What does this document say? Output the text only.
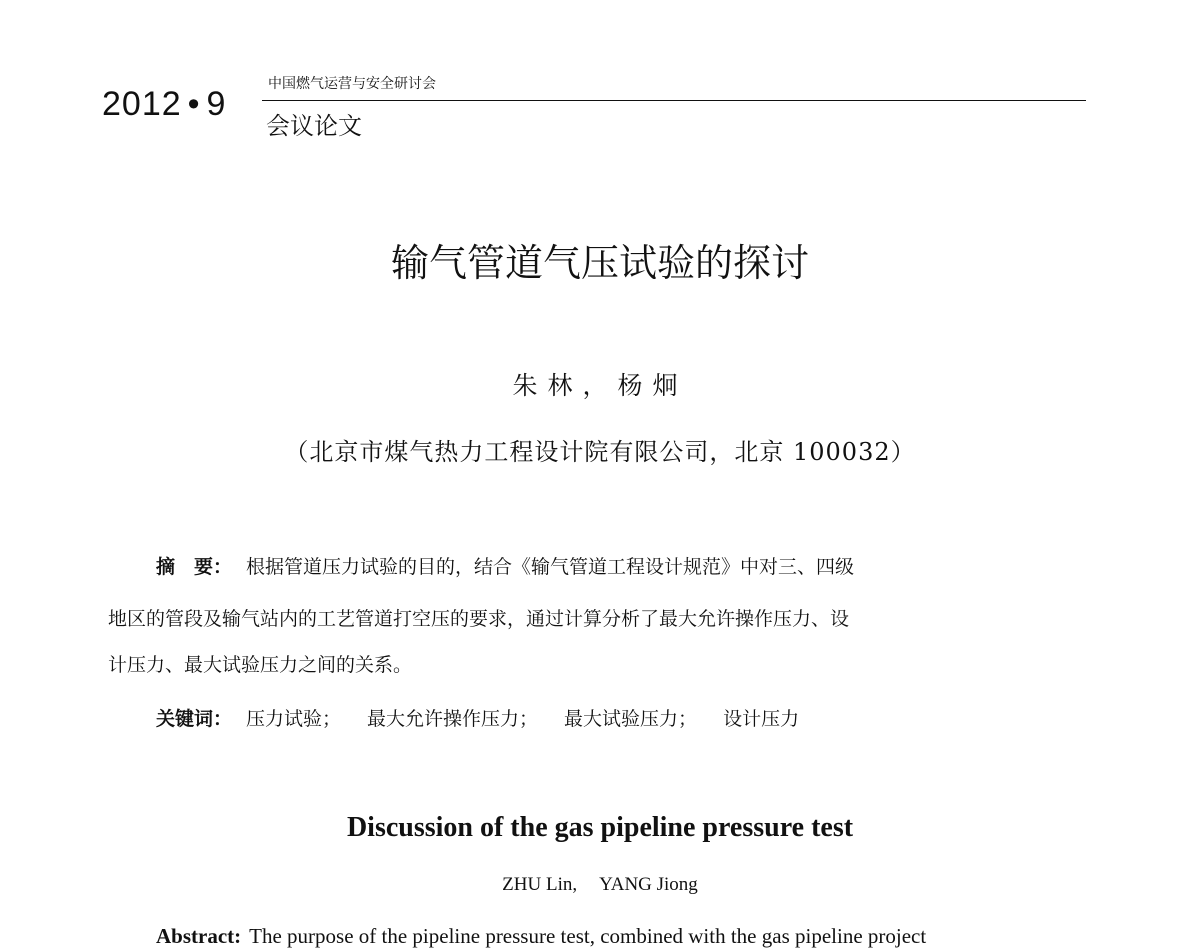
2012 • 9
中国燃气运营与安全研讨会
会议论文
输气管道气压试验的探讨
朱林，杨炯
（北京市煤气热力工程设计院有限公司，北京 100032）
摘　要： 根据管道压力试验的目的，结合《输气管道工程设计规范》中对三、四级
地区的管段及输气站内的工艺管道打空压的要求，通过计算分析了最大允许操作压力、设
计压力、最大试验压力之间的关系。
关键词： 压力试验； 最大允许操作压力； 最大试验压力； 设计压力
Discussion of the gas pipeline pressure test
ZHU Lin, YANG Jiong
Abstract: The purpose of the pipeline pressure test, combined with the gas pipeline project
